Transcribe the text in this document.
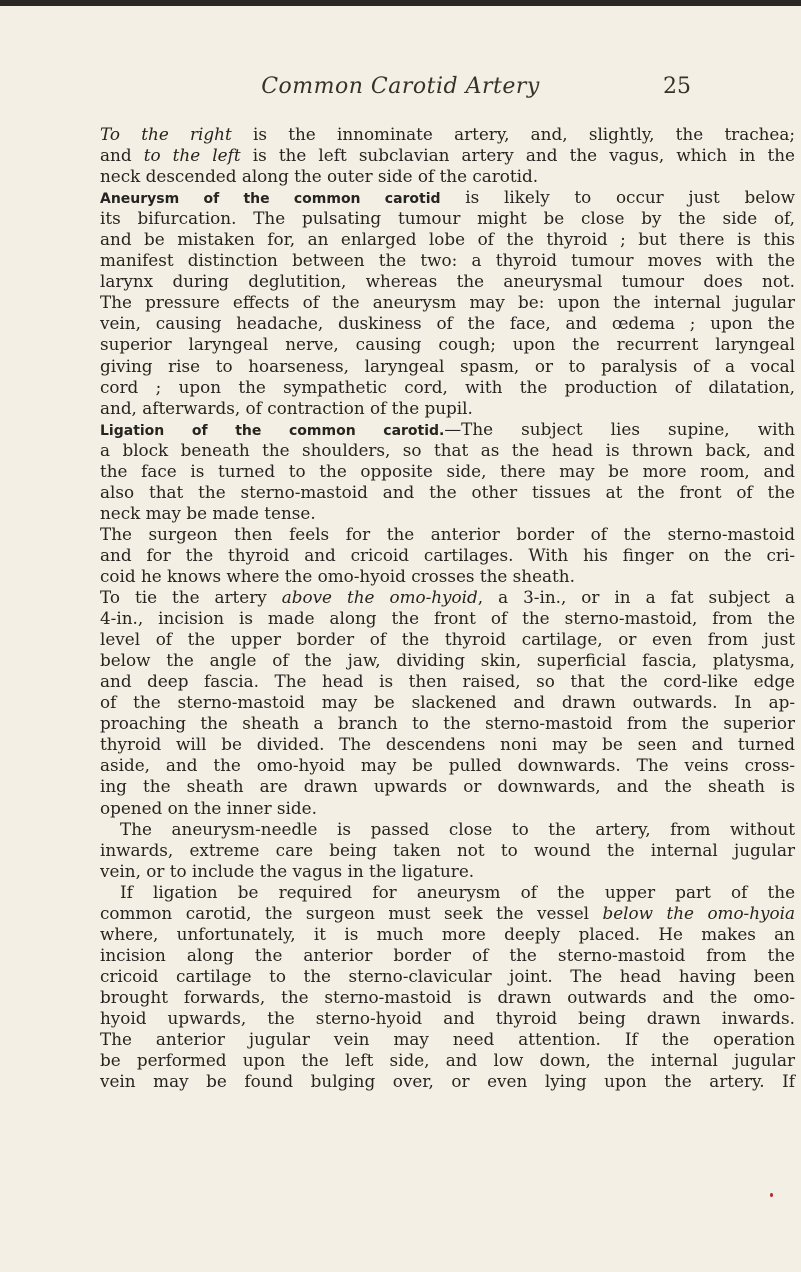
Common Carotid Artery	25
To the right is the innominate artery, and, slightly, the trachea;
and to the left is the left subclavian artery and the vagus, which in the
neck descended along the outer side of the carotid.
Aneurysm of the common carotid is likely to occur just below
its bifurcation. The pulsating tumour might be close by the side of,
and be mistaken for, an enlarged lobe of the thyroid ; but there is this
manifest distinction between the two: a thyroid tumour moves with the
larynx during deglutition, whereas the aneurysmal tumour does not.
The pressure effects of the aneurysm may be: upon the internal jugular
vein, causing headache, duskiness of the face, and œdema ; upon the
superior laryngeal nerve, causing cough; upon the recurrent laryngeal
giving rise to hoarseness, laryngeal spasm, or to paralysis of a vocal
cord ; upon the sympathetic cord, with the production of dilatation,
and, afterwards, of contraction of the pupil.
Ligation of the common carotid.—The subject lies supine, with
a block beneath the shoulders, so that as the head is thrown back, and
the face is turned to the opposite side, there may be more room, and
also that the sterno-mastoid and the other tissues at the front of the
neck may be made tense.
The surgeon then feels for the anterior border of the sterno-mastoid
and for the thyroid and cricoid cartilages. With his finger on the cri-
coid he knows where the omo-hyoid crosses the sheath.
To tie the artery above the omo-hyoid, a 3-in., or in a fat subject a
4-in., incision is made along the front of the sterno-mastoid, from the
level of the upper border of the thyroid cartilage, or even from just
below the angle of the jaw, dividing skin, superficial fascia, platysma,
and deep fascia. The head is then raised, so that the cord-like edge
of the sterno-mastoid may be slackened and drawn outwards. In ap-
proaching the sheath a branch to the sterno-mastoid from the superior
thyroid will be divided. The descendens noni may be seen and turned
aside, and the omo-hyoid may be pulled downwards. The veins cross-
ing the sheath are drawn upwards or downwards, and the sheath is
opened on the inner side.
The aneurysm-needle is passed close to the artery, from without
inwards, extreme care being taken not to wound the internal jugular
vein, or to include the vagus in the ligature.
If ligation be required for aneurysm of the upper part of the
common carotid, the surgeon must seek the vessel below the omo-hyoia
where, unfortunately, it is much more deeply placed. He makes an
incision along the anterior border of the sterno-mastoid from the
cricoid cartilage to the sterno-clavicular joint. The head having been
brought forwards, the sterno-mastoid is drawn outwards and the omo-
hyoid upwards, the sterno-hyoid and thyroid being drawn inwards.
The anterior jugular vein may need attention. If the operation
be performed upon the left side, and low down, the internal jugular
vein may be found bulging over, or even lying upon the artery. If
